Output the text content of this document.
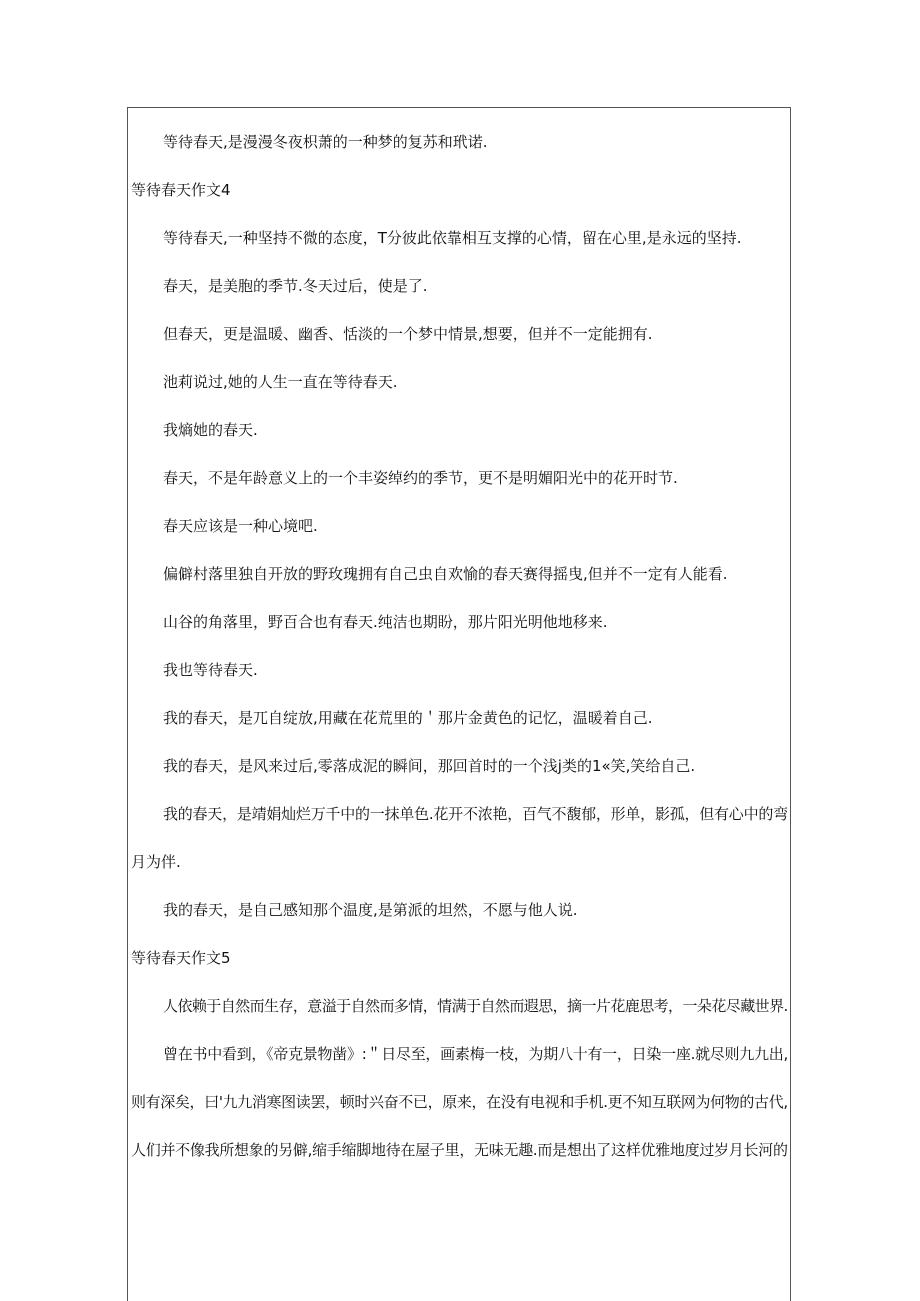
等待春天,是漫漫冬夜枳萧的一种梦的复苏和玳诺.
等待春天作文4
等待春天,一种坚持不微的态度，T分彼此依靠相互支撑的心情，留在心里,是永远的坚持.
春天，是美胞的季节.冬天过后，使是了.
但春天，更是温暖、幽香、恬淡的一个梦中情景,想要，但并不一定能拥有.
池莉说过,她的人生一直在等待春天.
我熵她的春天.
春天，不是年龄意义上的一个丰姿绰约的季节，更不是明媚阳光中的花开时节.
春天应该是一种心境吧.
偏僻村落里独自开放的野玫瑰拥有自己虫自欢愉的春天赛得摇曳,但并不一定有人能看.
山谷的角落里，野百合也有春天.纯洁也期盼，那片阳光明他地移来.
我也等待春天.
我的春天，是兀自绽放,用藏在花荒里的＇那片金黄色的记忆，温暖着自己.
我的春天，是风来过后,零落成泥的瞬间，那回首时的一个浅j类的1«笑,笑给自己.
我的春天，是靖娟灿烂万千中的一抹单色.花开不浓艳，百气不馥郁，形单，影孤，但有心中的弯
月为伴.
我的春天，是自己感知那个温度,是第派的坦然，不愿与他人说.
等待春天作文5
人依赖于自然而生存，意溢于自然而多情，情满于自然而遐思，摘一片花鹿思考，一朵花尽藏世界.
曾在书中看到，《帝克景物凿》:＂日尽至，画素梅一枝，为期八十有一，日染一座.就尽则九九出,
则有深矣，曰'九九消寒图读罢，顿时兴奋不已，原来，在没有电视和手机.更不知互联网为何物的古代,
人们并不像我所想象的另僻,缩手缩脚地待在屋子里，无味无趣.而是想出了这样优雅地度过岁月长河的
